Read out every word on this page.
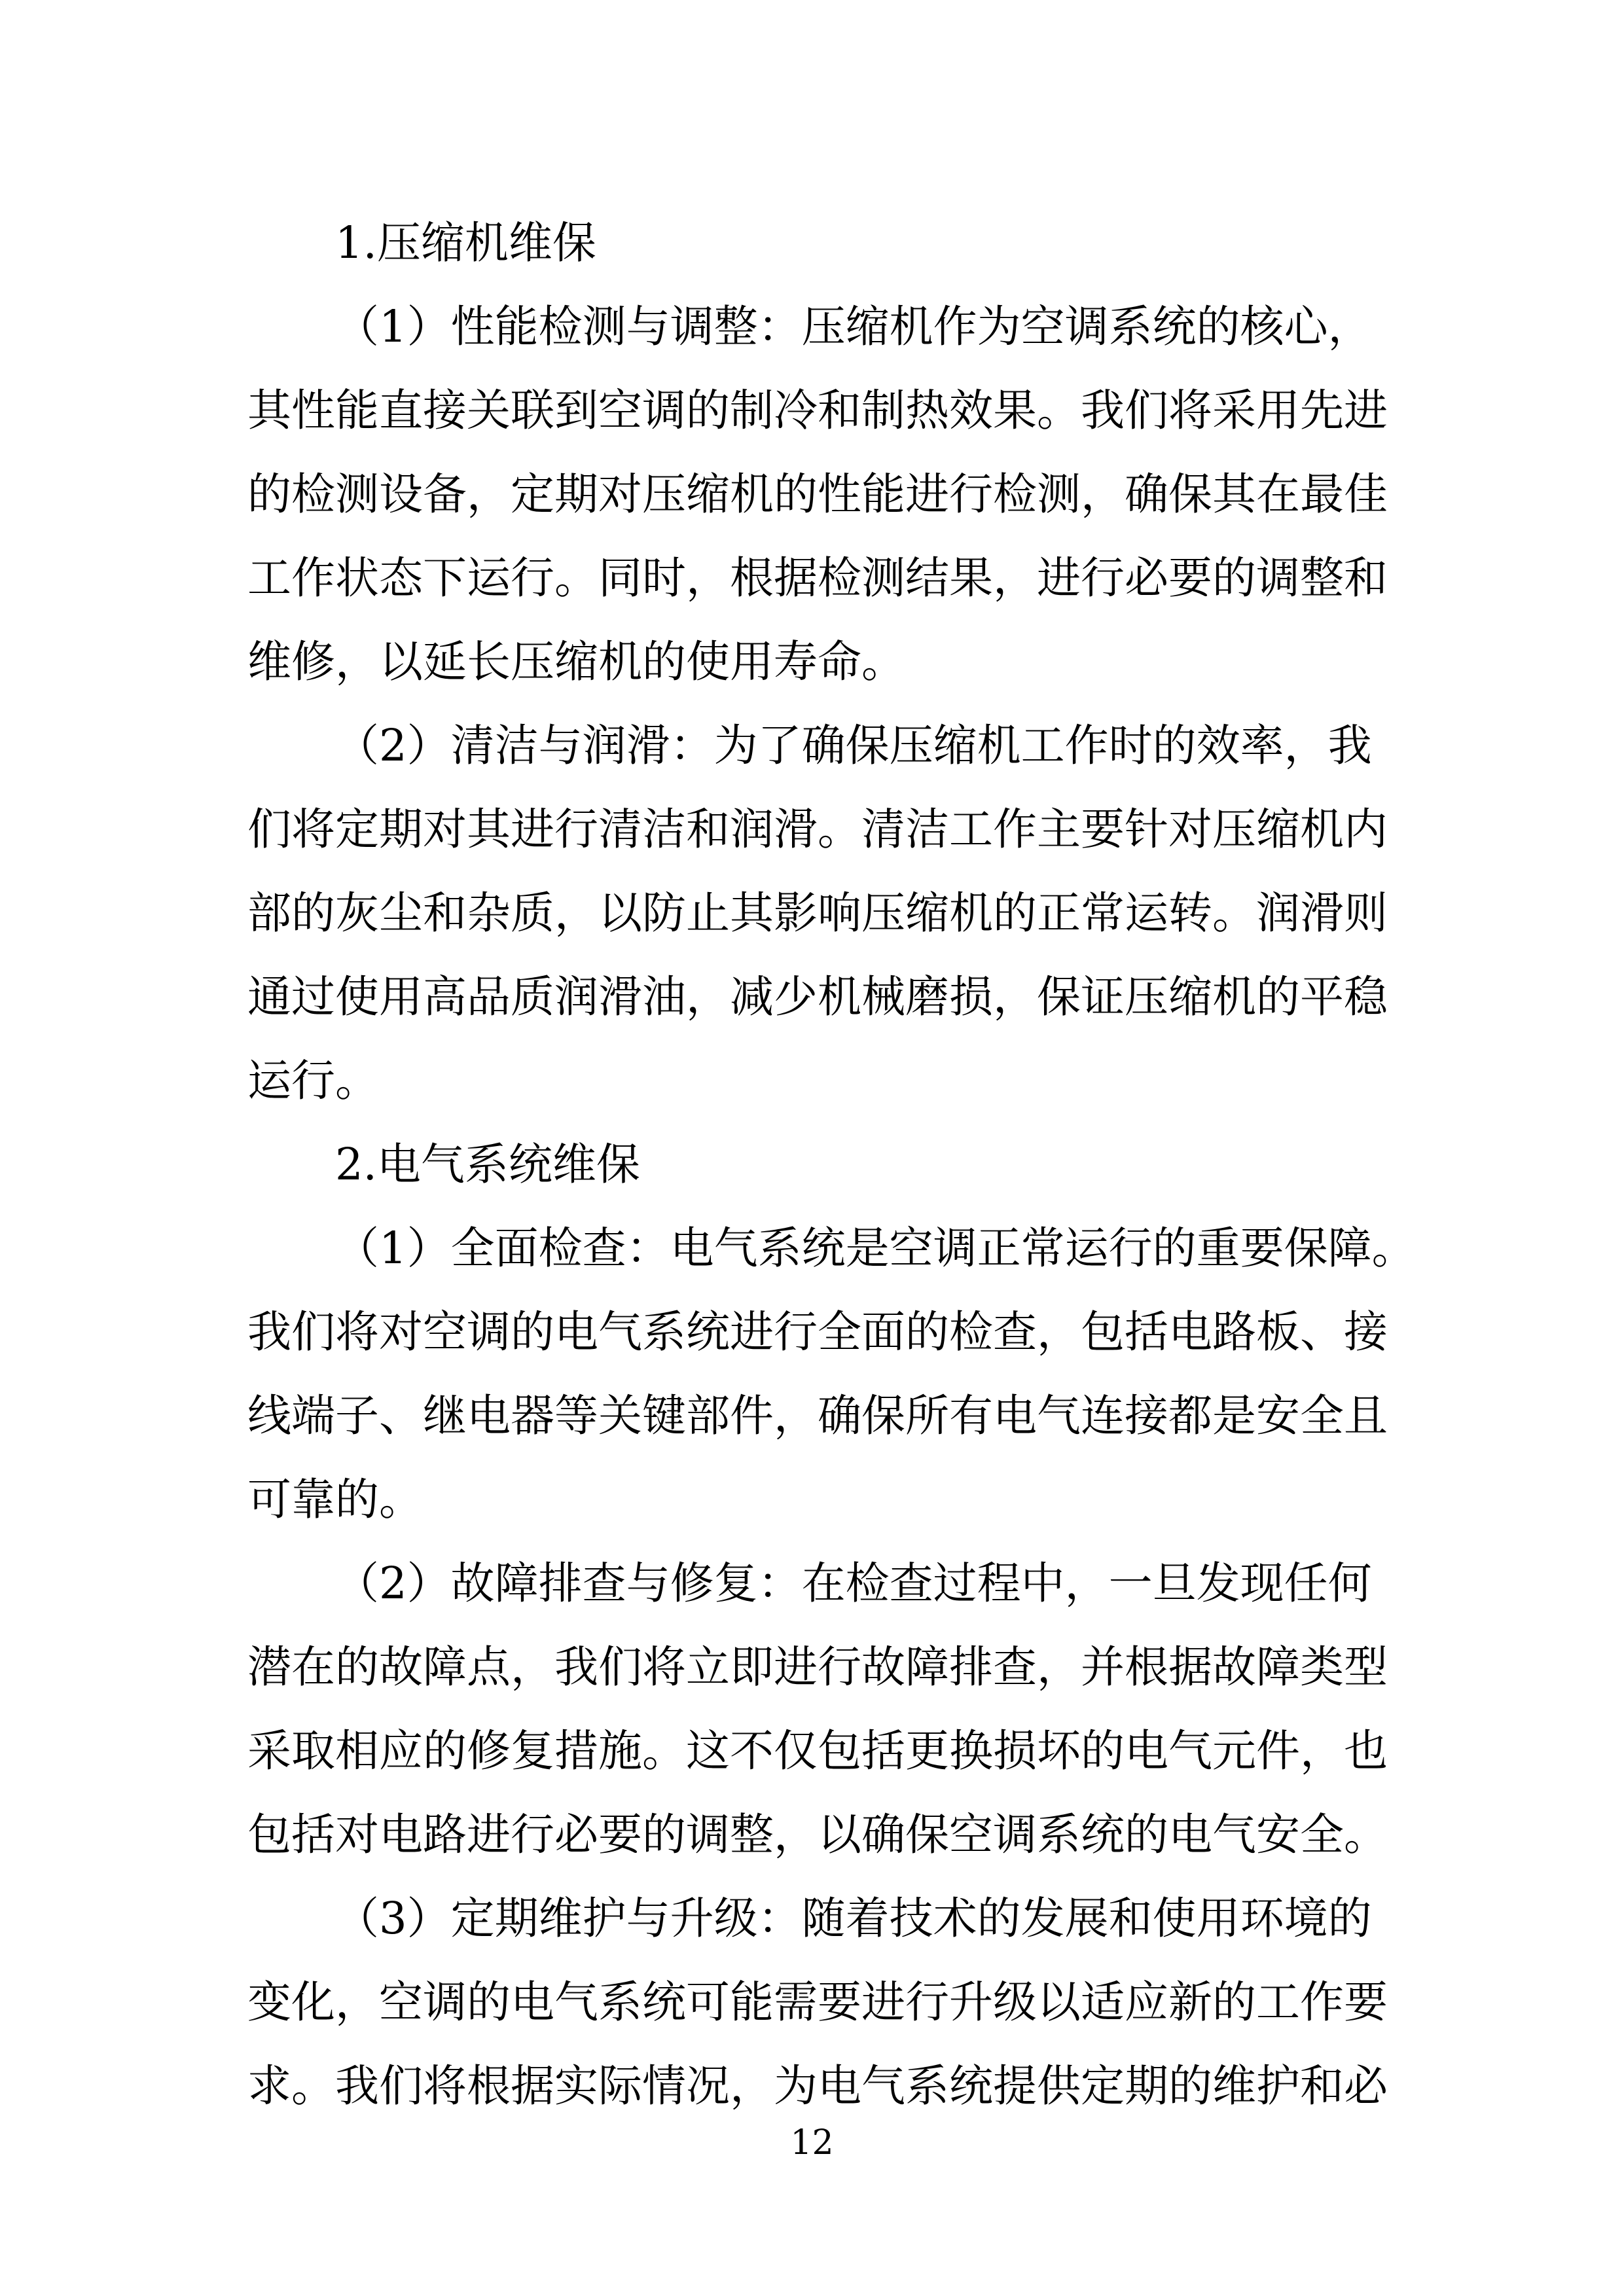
1.压缩机维保
（1）性能检测与调整：压缩机作为空调系统的核心，
其性能直接关联到空调的制冷和制热效果。我们将采用先进
的检测设备，定期对压缩机的性能进行检测，确保其在最佳
工作状态下运行。同时，根据检测结果，进行必要的调整和
维修，以延长压缩机的使用寿命。
（2）清洁与润滑：为了确保压缩机工作时的效率，我
们将定期对其进行清洁和润滑。清洁工作主要针对压缩机内
部的灰尘和杂质，以防止其影响压缩机的正常运转。润滑则
通过使用高品质润滑油，减少机械磨损，保证压缩机的平稳
运行。
2.电气系统维保
（1）全面检查：电气系统是空调正常运行的重要保障。
我们将对空调的电气系统进行全面的检查，包括电路板、接
线端子、继电器等关键部件，确保所有电气连接都是安全且
可靠的。
（2）故障排查与修复：在检查过程中，一旦发现任何
潜在的故障点，我们将立即进行故障排查，并根据故障类型
采取相应的修复措施。这不仅包括更换损坏的电气元件，也
包括对电路进行必要的调整，以确保空调系统的电气安全。
（3）定期维护与升级：随着技术的发展和使用环境的
变化，空调的电气系统可能需要进行升级以适应新的工作要
求。我们将根据实际情况，为电气系统提供定期的维护和必
12
